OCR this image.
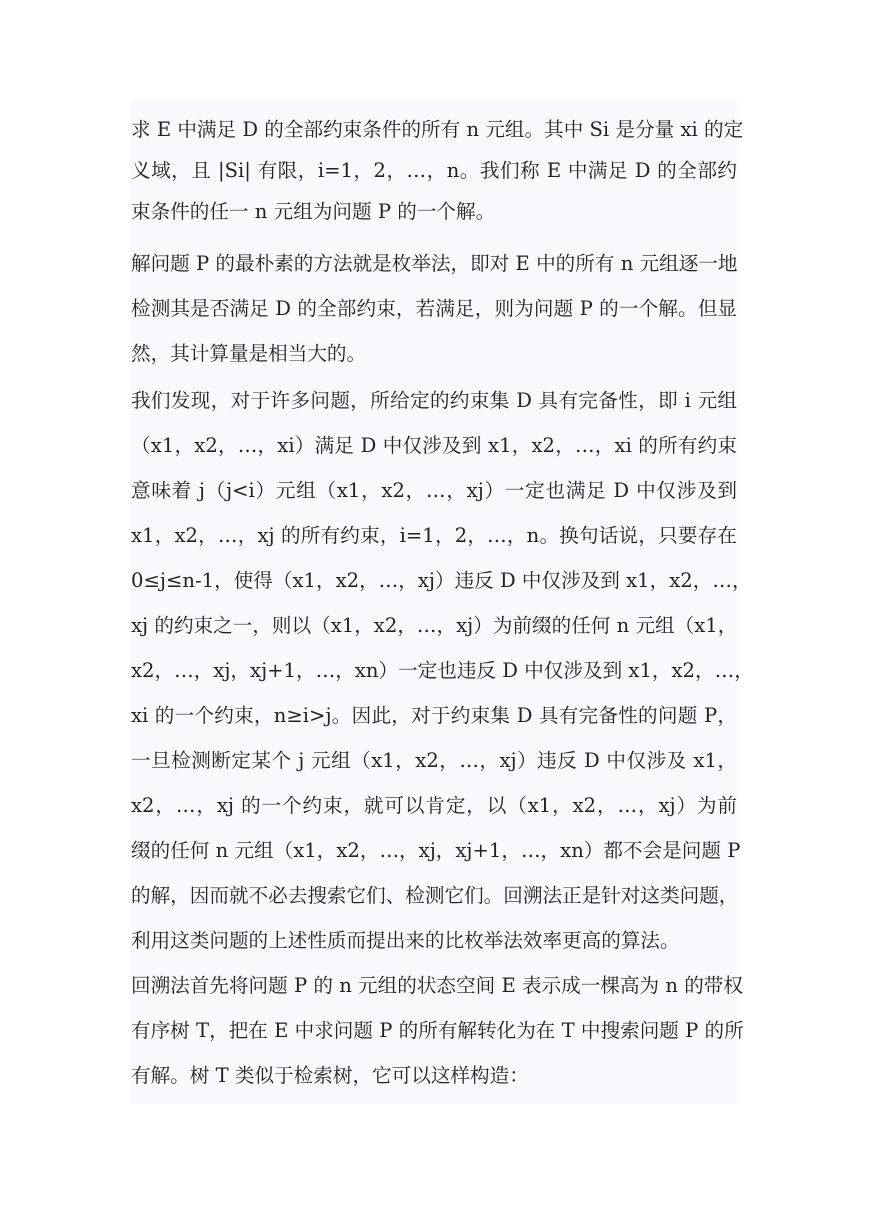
求 E 中满足 D 的全部约束条件的所有 n 元组。其中 Si 是分量 xi 的定
义域，且 |Si| 有限，i=1，2，…，n。我们称 E 中满足 D 的全部约
束条件的任一 n 元组为问题 P 的一个解。
解问题 P 的最朴素的方法就是枚举法，即对 E 中的所有 n 元组逐一地
检测其是否满足 D 的全部约束，若满足，则为问题 P 的一个解。但显
然，其计算量是相当大的。
我们发现，对于许多问题，所给定的约束集 D 具有完备性，即 i 元组
（x1，x2，…，xi）满足 D 中仅涉及到 x1，x2，…，xi 的所有约束
意味着 j（j<i）元组（x1，x2，…，xj）一定也满足 D 中仅涉及到
x1，x2，…，xj 的所有约束，i=1，2，…，n。换句话说，只要存在
0≤j≤n-1，使得（x1，x2，…，xj）违反 D 中仅涉及到 x1，x2，…，
xj 的约束之一，则以（x1，x2，…，xj）为前缀的任何 n 元组（x1，
x2，…，xj，xj+1，…，xn）一定也违反 D 中仅涉及到 x1，x2，…，
xi 的一个约束，n≥i>j。因此，对于约束集 D 具有完备性的问题 P，
一旦检测断定某个 j 元组（x1，x2，…，xj）违反 D 中仅涉及 x1，
x2，…，xj 的一个约束，就可以肯定，以（x1，x2，…，xj）为前
缀的任何 n 元组（x1，x2，…，xj，xj+1，…，xn）都不会是问题 P
的解，因而就不必去搜索它们、检测它们。回溯法正是针对这类问题，
利用这类问题的上述性质而提出来的比枚举法效率更高的算法。
回溯法首先将问题 P 的 n 元组的状态空间 E 表示成一棵高为 n 的带权
有序树 T，把在 E 中求问题 P 的所有解转化为在 T 中搜索问题 P 的所
有解。树 T 类似于检索树，它可以这样构造：
